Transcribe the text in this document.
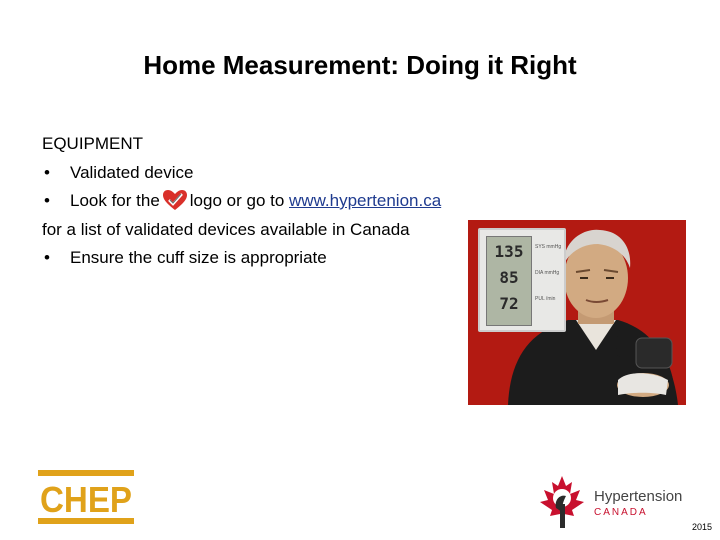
Home Measurement: Doing it Right
EQUIPMENT
• Validated device
• Look for the logo or go to www.hypertenion.ca
for a list of validated devices available in Canada
• Ensure the cuff size is appropriate	135
85
72
SYS mmHg
DIA mmHg
PUL /min
CHEP	Hypertension
CANADA
2015
